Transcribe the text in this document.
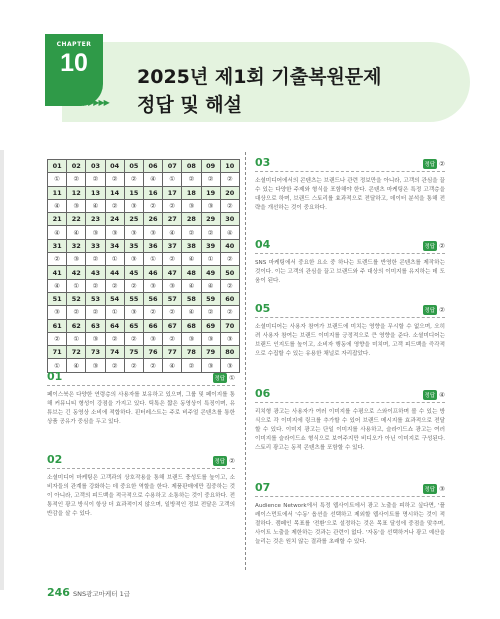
CHAPTER
10
▶▶▶▶▶
2025년 제1회 기출복원문제
정답 및 해설
01	02	03	04	05	06	07	08	09	10
①	②	②	②	②	④	①	②	②	②
11	12	13	14	15	16	17	18	19	20
④	③	④	②	③	②	②	③	③	②
21	22	23	24	25	26	27	28	29	30
④	④	③	③	③	③	④	②	②	④
31	32	33	34	35	36	37	38	39	40
②	③	②	①	③	①	②	④	①	②
41	42	43	44	45	46	47	48	49	50
④	①	②	②	②	③	③	④	④	②
51	52	53	54	55	56	57	58	59	60
③	②	②	①	③	②	②	④	②	②
61	62	63	64	65	66	67	68	69	70
②	①	③	②	②	③	②	③	③	③
71	72	73	74	75	76	77	78	79	80
①	④	③	②	②	②	④	②	③	③
01	정답 ①
페이스북은 다양한 연령층의 사용자를 보유하고 있으며, 그룹 및 페이지를 통해 커뮤니티 형성이 강점을 가지고 있다. 틱톡은 짧은 동영상이 특징이며, 유튜브는 긴 동영상 소비에 적합하다. 핀터레스트는 주로 비주얼 콘텐츠를 통한 상품 공유가 중심을 두고 있다.
02	정답 ②
소셜미디어 마케팅은 고객과의 상호작용을 통해 브랜드 충성도를 높이고, 소비자들의 관계를 강화하는 데 중요한 역할을 한다. 제품판매에만 집중하는 것이 아니라, 고객의 피드백을 적극적으로 수용하고 소통하는 것이 중요하다. 전통적인 광고 방식이 항상 더 효과적이지 않으며, 일방적인 정보 전달은 고객의 반감을 살 수 있다.
03	정답 ②
소셜미디어에서의 콘텐츠는 브랜드나 관련 정보만을 아니라, 고객의 관심을 끌 수 있는 다양한 주제와 형식을 포함해야 한다. 콘텐츠 마케팅은 특정 고객층을 대상으로 하며, 브랜드 스토리를 효과적으로 전달하고, 데이터 분석을 통해 전략을 개선하는 것이 중요하다.
04	정답 ②
SNS 마케팅에서 중요한 요소 중 하나는 트렌드를 반영한 콘텐츠를 제작하는 것이다. 이는 고객의 관심을 끌고 브랜드와 주 대상의 이미지를 유지하는 데 도움이 된다.
05	정답 ②
소셜미디어는 사용자 참여가 브랜드에 미치는 영향을 무시할 수 없으며, 오히려 사용자 참여는 브랜드 이미지를 긍정적으로 큰 영향을 준다. 소셜미디어는 브랜드 인지도를 높이고, 소비자 행동에 영향을 미치며, 고객 피드백을 즉각적으로 수집할 수 있는 유용한 채널로 자리잡았다.
06	정답 ④
리치형 광고는 사용자가 여러 이미지를 수평으로 스와이프하며 볼 수 있는 방식으로 각 이미지에 링크를 추가할 수 있어 브랜드 메시지를 효과적으로 전달할 수 있다. 이미지 광고는 단일 이미지를 사용하고, 슬라이드쇼 광고는 여러 이미지를 슬라이드쇼 형식으로 보여주지만 비디오가 아닌 이미지로 구성된다. 스토리 광고는 동적 콘텐츠를 포함할 수 있다.
07	정답 ③
Audience Network에서 특정 웹사이트에서 광고 노출을 피하고 싶다면, '플레이스먼트에서 '수동' 옵션을 선택하고 제외할 웹사이트를 명시하는 것이 적절하다. 캠페인 목표를 '전환'으로 설정하는 것은 목표 달성에 중점을 맞추며, 사이트 노출을 제한하는 것과는 관련이 없다. '자동'을 선택하거나 광고 예산을 늘리는 것은 원치 않는 결과를 초래할 수 있다.
246 SNS광고마케터 1급
